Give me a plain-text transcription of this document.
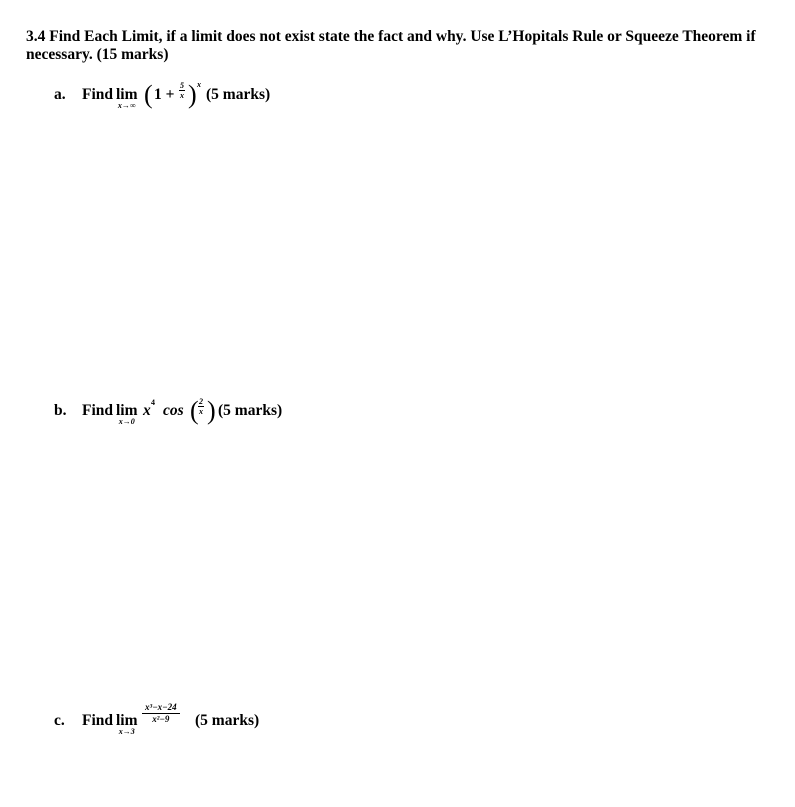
3.4 Find Each Limit, if a limit does not exist state the fact and why. Use L’Hopitals Rule or Squeeze Theorem if necessary. (15 marks)
a. Find lim
x→∞ ( $1 + \frac{5}{x}$ ) x
(5 marks)
b. Find lim
x→0
x 4 cos ( $\frac{2}{x}$ ) (5 marks)
c. Find lim
x→3
$\frac{\text{x³−x−24}}{\text{x²−9}} (5$ marks)
